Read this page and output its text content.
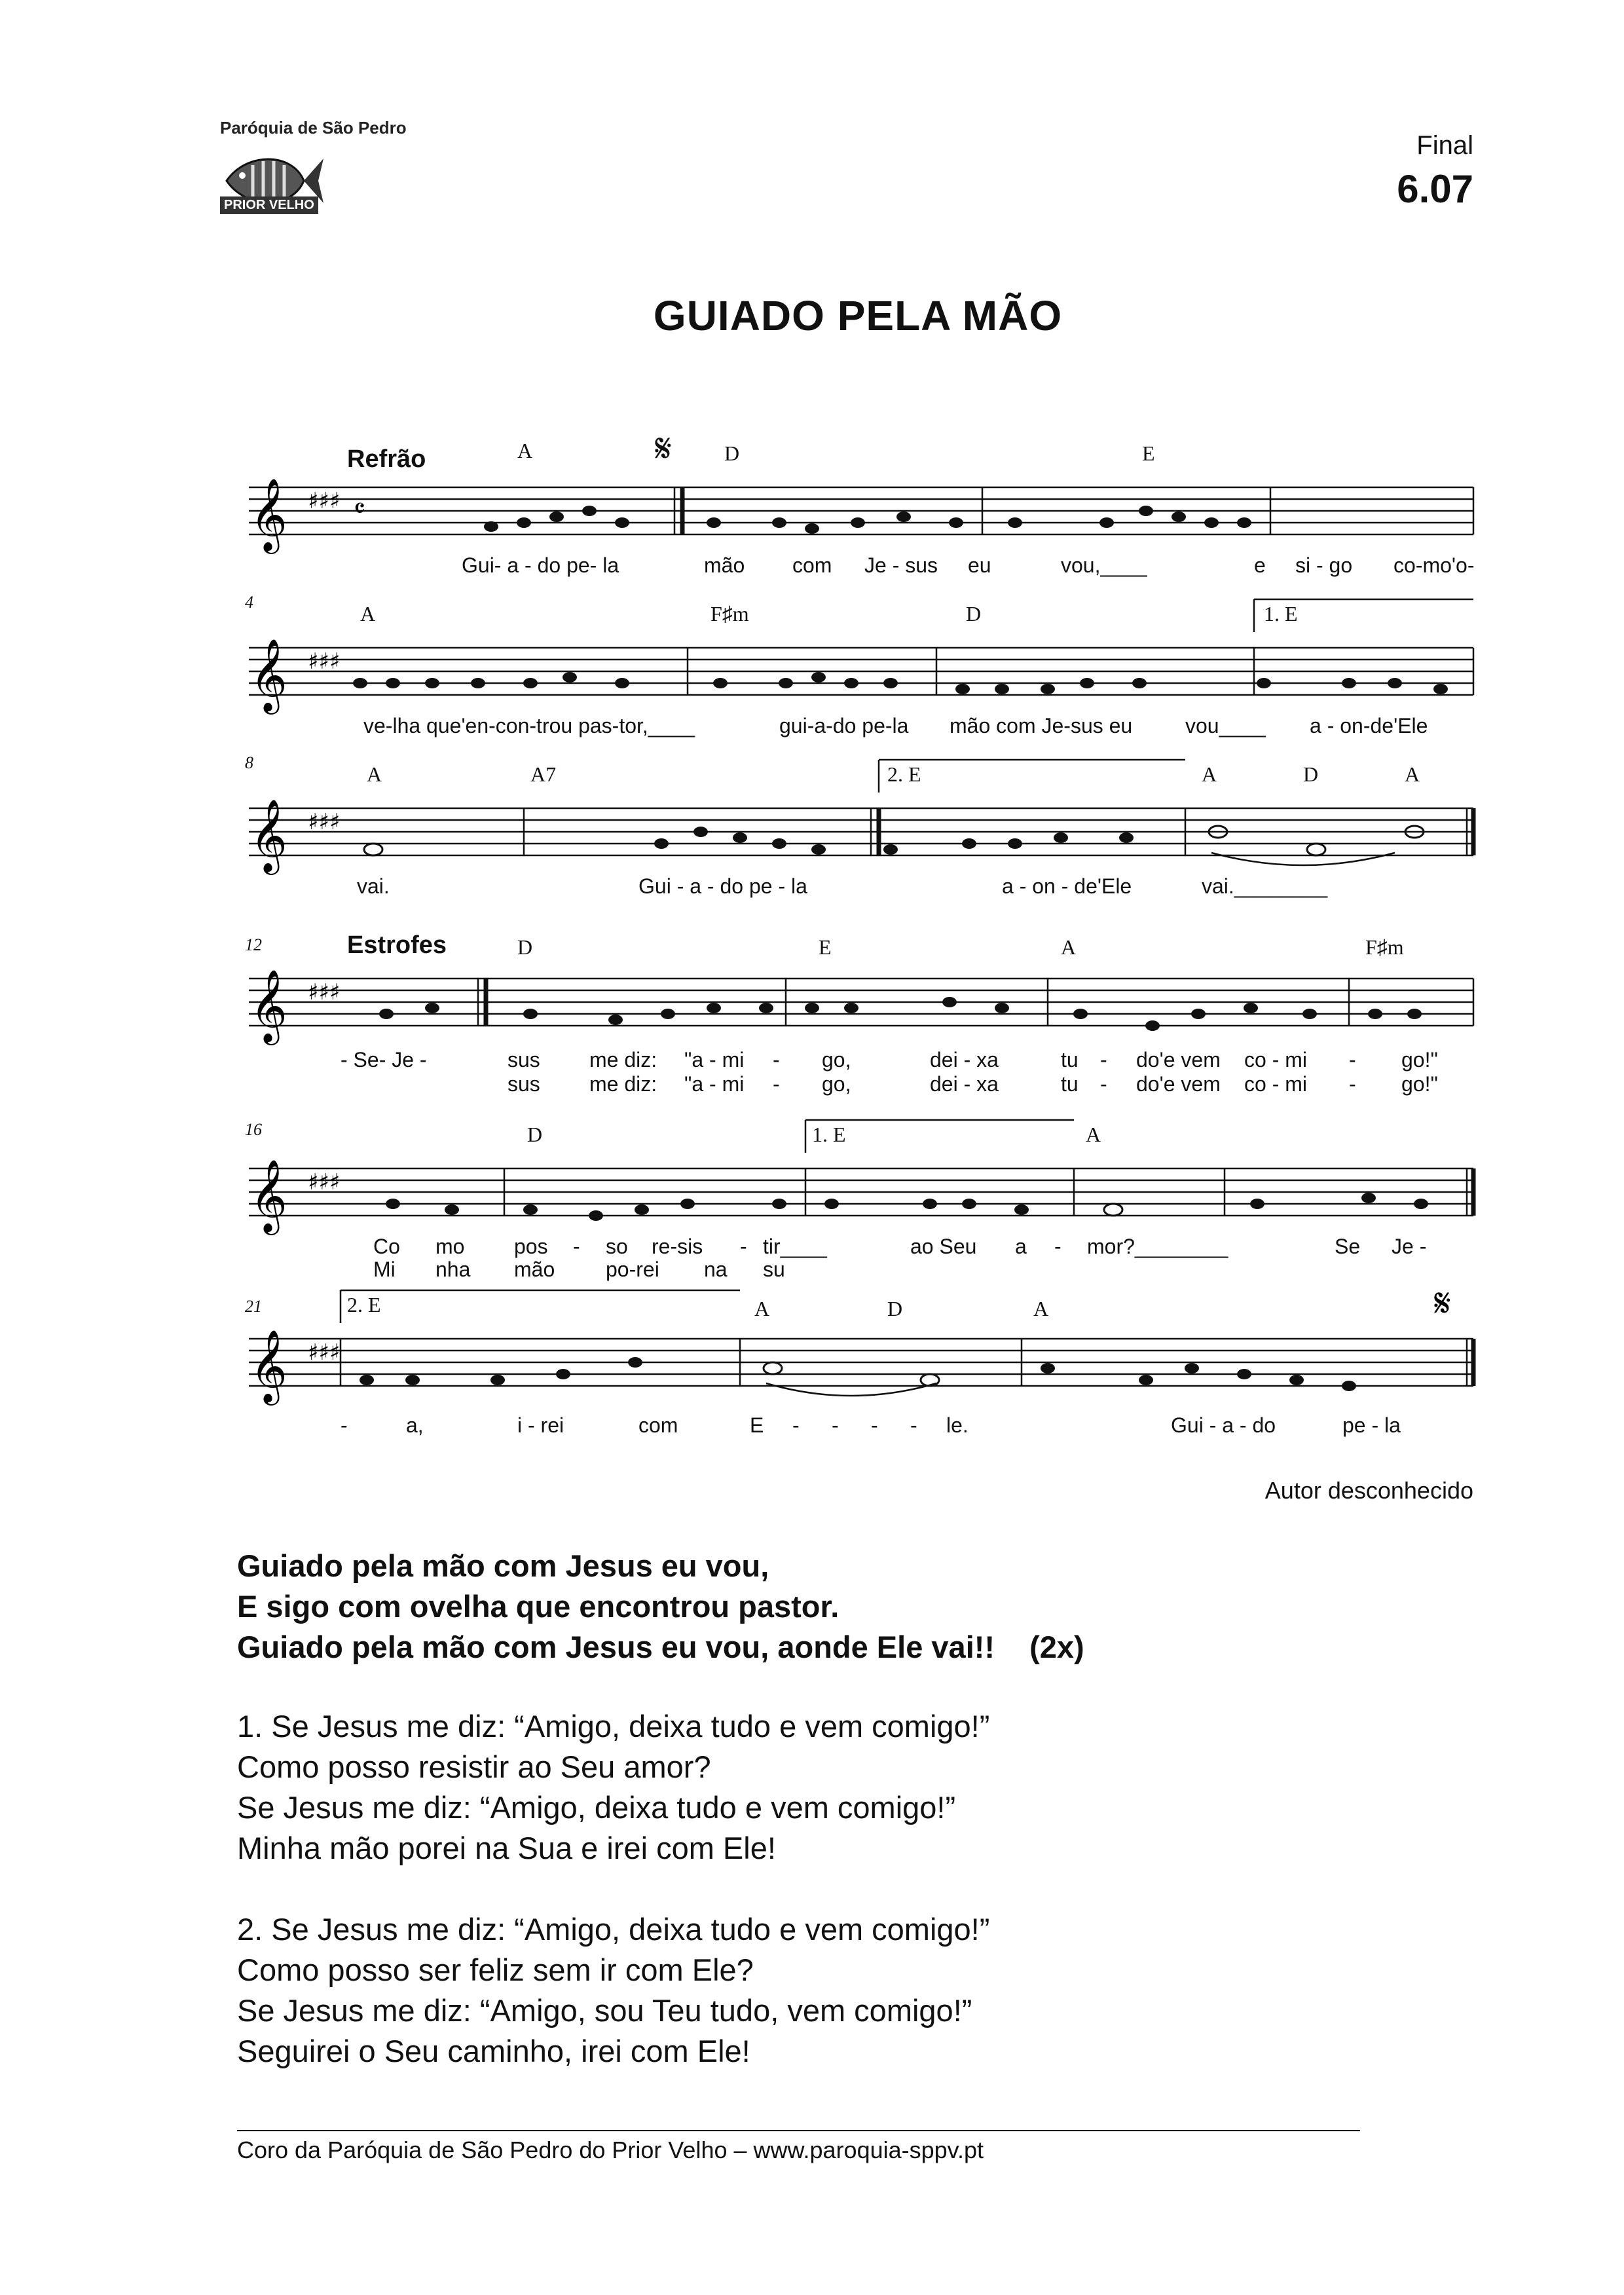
Paróquia de São Pedro
PRIOR VELHO
Final
6.07
GUIADO PELA MÃO
Refrão	A	D	E
𝄞 ♯♯♯ 𝄴
Gui- a - do pe- la	mão com Je - sus eu	vou,____	e si - go co-mo'o-
4	A	F♯m	D	1. E
𝄞 ♯♯♯
ve-lha que'en-con-trou pas-tor,____	gui-a-do pe-la mão com Je-sus eu	vou____ a - on-de'Ele
8	A	A7	2. E	A	D	A
𝄞 ♯♯♯
vai.	Gui - a - do pe - la	a - on - de'Ele	vai.________
12	Estrofes	D	E	A	F♯m
𝄞 ♯♯♯
- Se- Je -	sus me diz: "a - mi - go,	dei - xa	tu - do'e vem co - mi - go!"
sus me diz: "a - mi - go,	dei - xa	tu - do'e vem co - mi - go!"
16	D	1. E	A
𝄞 ♯♯♯
Co mo pos - so re-sis - tir____	ao Seu a - mor?________	Se Je -
Mi nha mão po-rei na su
21	2. E	A	D	A
𝄞 ♯♯♯
𝄋
-	a,	i - rei	com	E - - - - le.	Gui - a - do	pe - la
𝄋
Autor desconhecido
Guiado pela mão com Jesus eu vou,
E sigo com ovelha que encontrou pastor.
Guiado pela mão com Jesus eu vou, aonde Ele vai!! (2x)
1. Se Jesus me diz: “Amigo, deixa tudo e vem comigo!”
Como posso resistir ao Seu amor?
Se Jesus me diz: “Amigo, deixa tudo e vem comigo!”
Minha mão porei na Sua e irei com Ele!
2. Se Jesus me diz: “Amigo, deixa tudo e vem comigo!”
Como posso ser feliz sem ir com Ele?
Se Jesus me diz: “Amigo, sou Teu tudo, vem comigo!”
Seguirei o Seu caminho, irei com Ele!
Coro da Paróquia de São Pedro do Prior Velho – www.paroquia-sppv.pt
